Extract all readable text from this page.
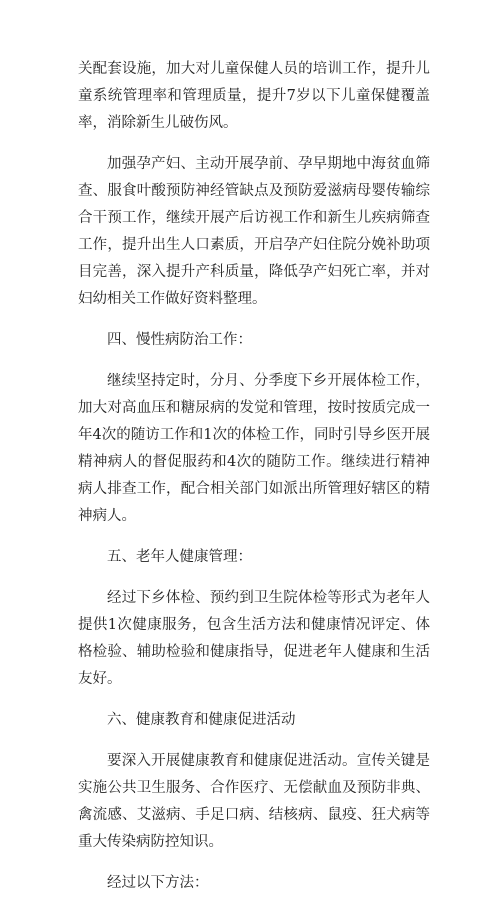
关配套设施，加大对儿童保健人员的培训工作，提升儿童系统管理率和管理质量，提升7岁以下儿童保健覆盖率，消除新生儿破伤风。

加强孕产妇、主动开展孕前、孕早期地中海贫血筛查、服食叶酸预防神经管缺点及预防爱滋病母婴传输综合干预工作，继续开展产后访视工作和新生儿疾病筛查工作，提升出生人口素质，开启孕产妇住院分娩补助项目完善，深入提升产科质量，降低孕产妇死亡率，并对妇幼相关工作做好资料整理。

四、慢性病防治工作：

继续坚持定时，分月、分季度下乡开展体检工作，加大对高血压和糖尿病的发觉和管理，按时按质完成一年4次的随访工作和1次的体检工作，同时引导乡医开展精神病人的督促服药和4次的随防工作。继续进行精神病人排查工作，配合相关部门如派出所管理好辖区的精神病人。

五、老年人健康管理：

经过下乡体检、预约到卫生院体检等形式为老年人提供1次健康服务，包含生活方法和健康情况评定、体格检验、辅助检验和健康指导，促进老年人健康和生活友好。

六、健康教育和健康促进活动

要深入开展健康教育和健康促进活动。宣传关键是实施公共卫生服务、合作医疗、无偿献血及预防非典、禽流感、艾滋病、手足口病、结核病、鼠疫、狂犬病等重大传染病防控知识。

经过以下方法：
